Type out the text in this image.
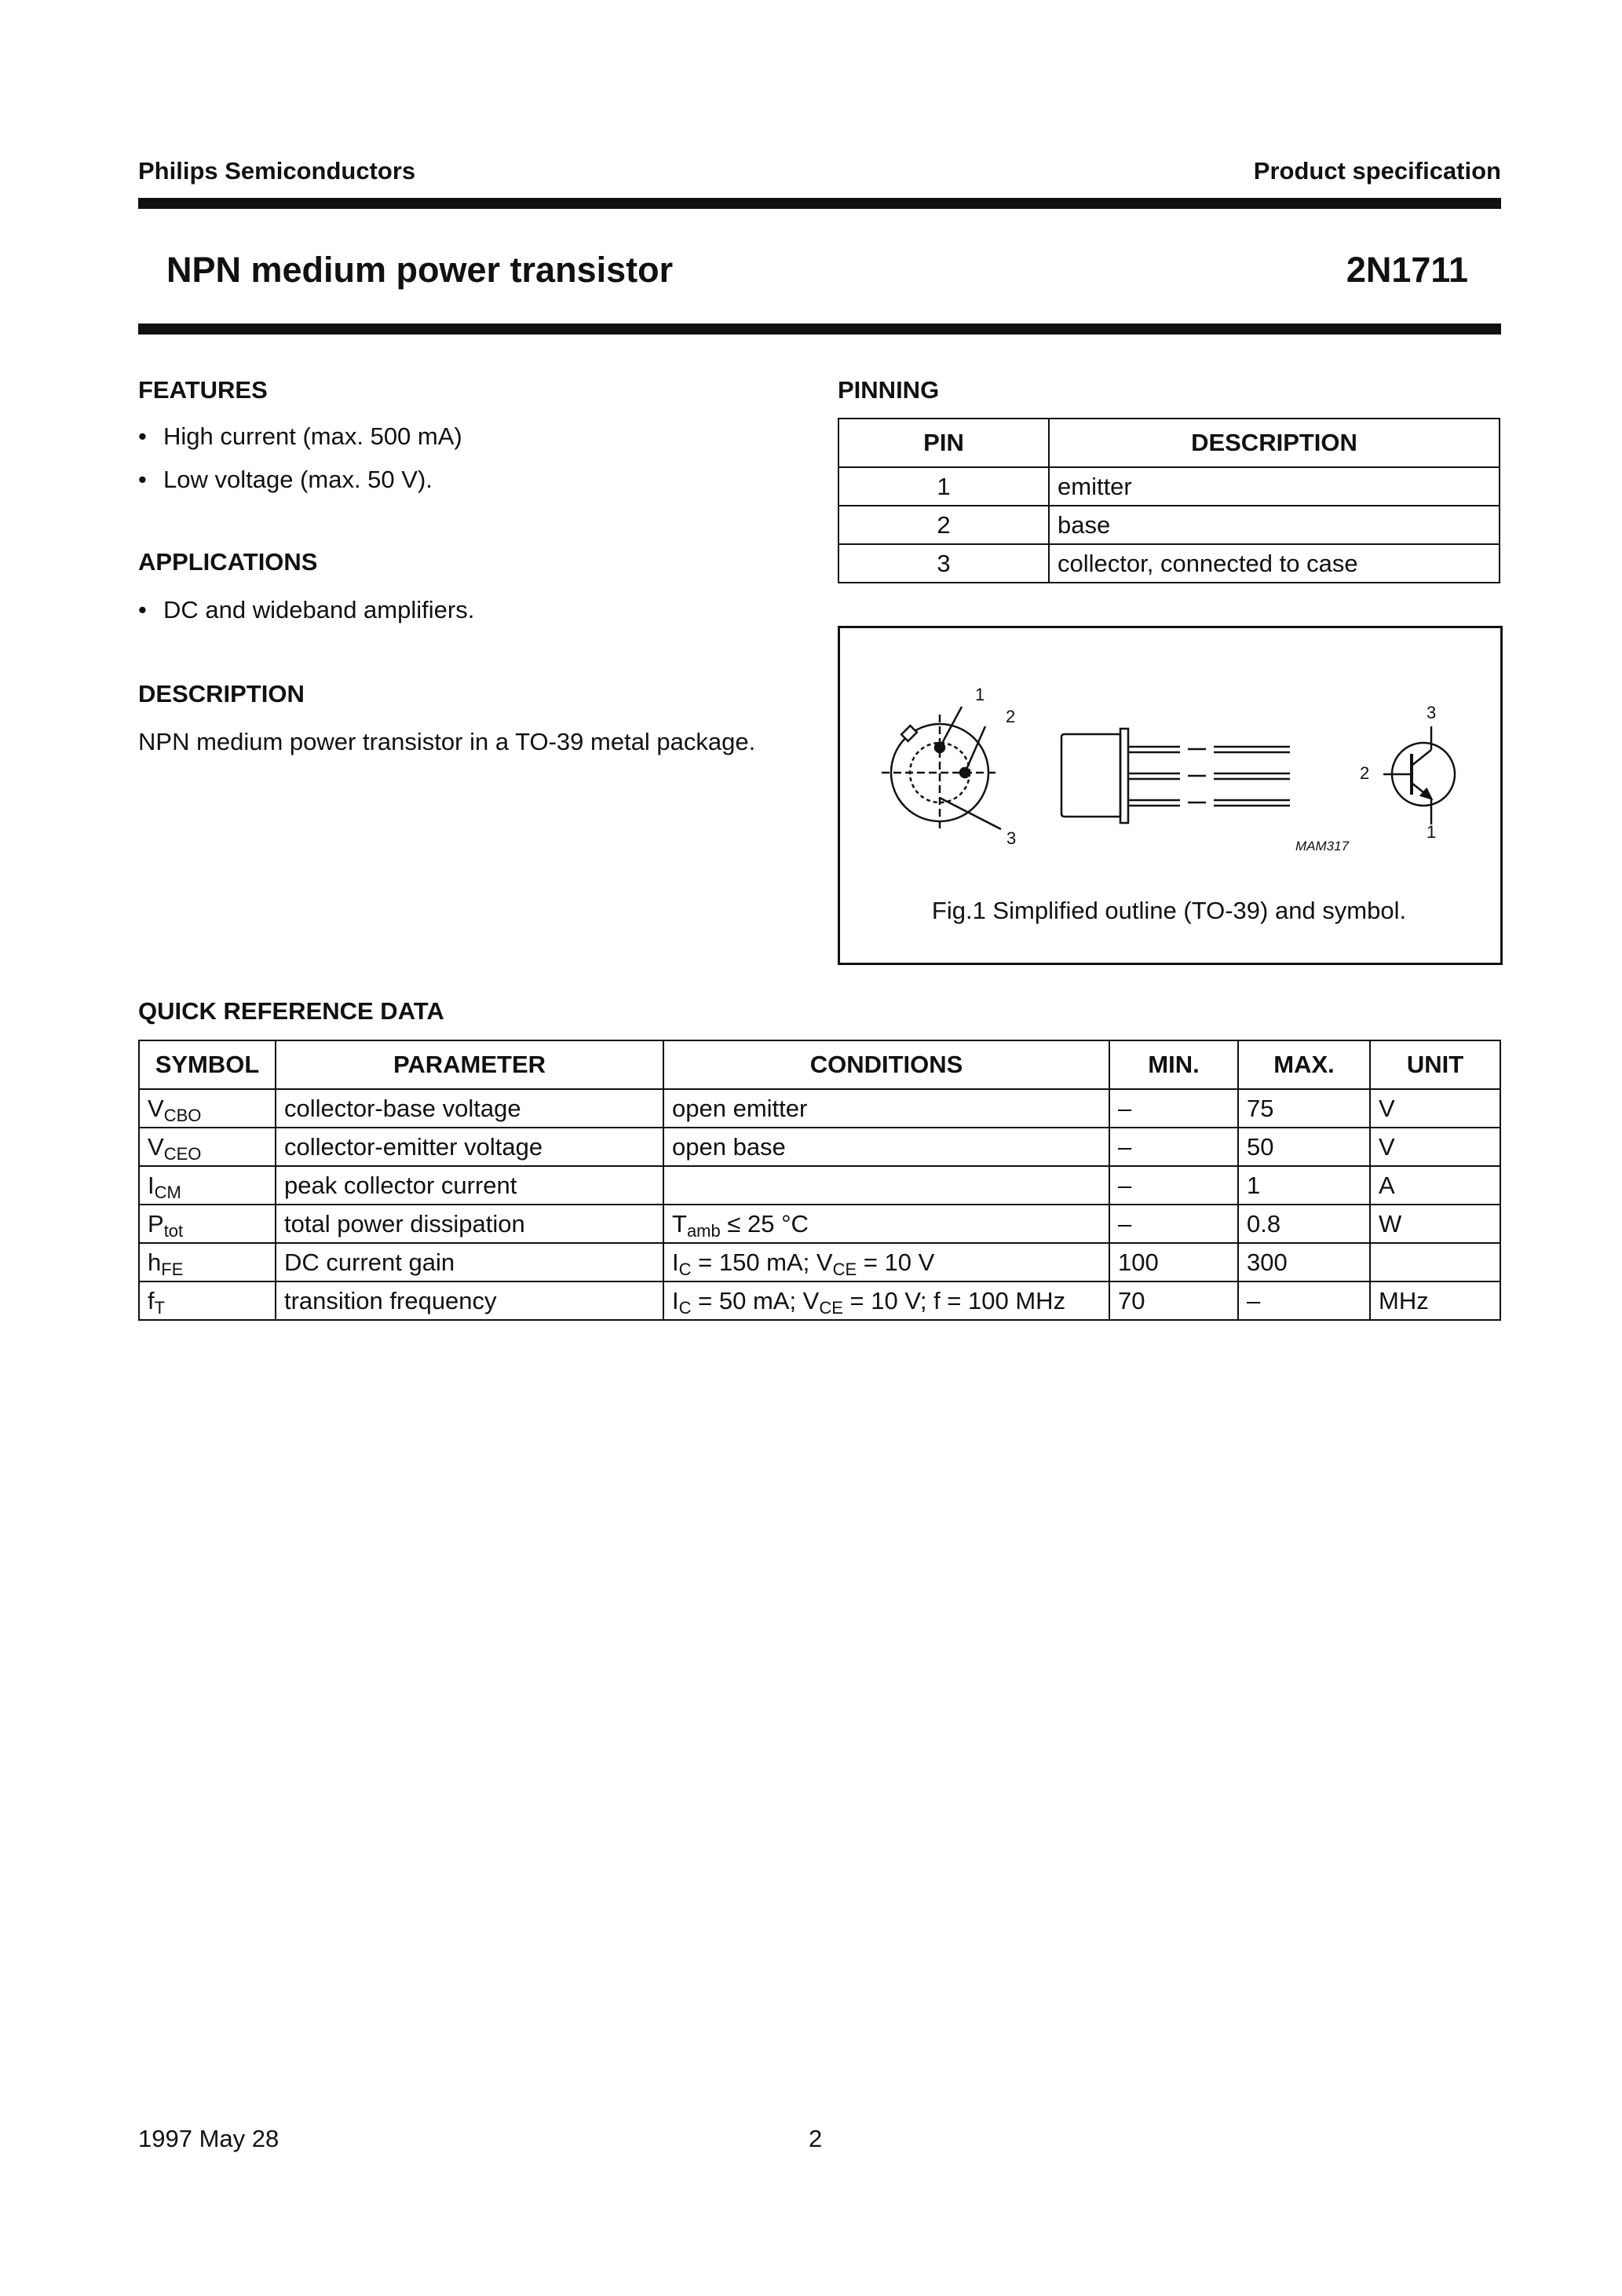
Philips Semiconductors	Product specification
NPN medium power transistor	2N1711
FEATURES
• High current (max. 500 mA)
• Low voltage (max. 50 V).
APPLICATIONS
• DC and wideband amplifiers.
DESCRIPTION
NPN medium power transistor in a TO-39 metal package.
PINNING
PIN	DESCRIPTION
1	emitter
2	base
3	collector, connected to case
1
2
3
3
2
1
MAM317
Fig.1 Simplified outline (TO-39) and symbol.
QUICK REFERENCE DATA
SYMBOL	PARAMETER	CONDITIONS	MIN.	MAX.	UNIT
$V_{CBO}$	collector-base voltage	open emitter	–	75	V
$V_{CEO}$	collector-emitter voltage	open base	–	50	V
$I_{CM}$	peak collector current		–	1	A
$P_{tot}$	total power dissipation	$T_{amb} \le 25$ °C	–	0.8	W
$h_{FE}$	DC current gain	$I_C = 150$ mA; $V_{CE} = 10$ V	100	300	
$f_T$	transition frequency	$I_C = 50$ mA; $V_{CE} = 10$ V; f = 100 MHz	70	–	MHz
1997 May 28	2
